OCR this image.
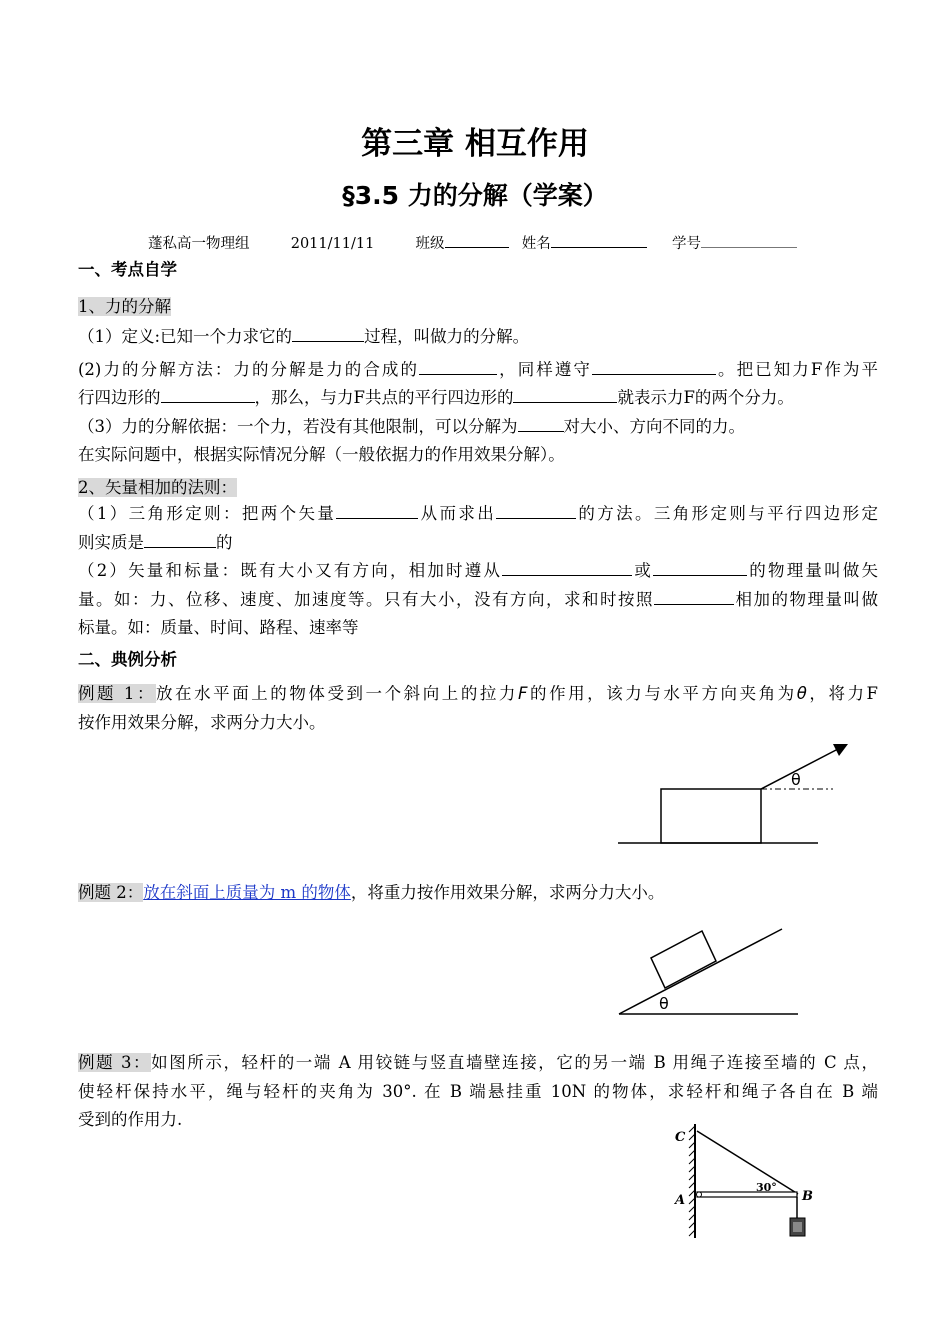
第三章 相互作用
§3.5 力的分解（学案）
蓬私高一物理组	2011/11/11	班级	姓名	学号
一、考点自学
1、力的分解
（1）定义:已知一个力求它的	过程，叫做力的分解。
(2)力的分解方法：力的分解是力的合成的	，同样遵守	。把已知力F作为平
行四边形的	，那么，与力F共点的平行四边形的	就表示力F的两个分力。
（3）力的分解依据：一个力，若没有其他限制，可以分解为	对大小、方向不同的力。
在实际问题中，根据实际情况分解（一般依据力的作用效果分解）。
2、矢量相加的法则：
（1）三角形定则：把两个矢量	从而求出	的方法。三角形定则与平行四边形定
则实质是	的
（2）矢量和标量：既有大小又有方向，相加时遵从	或	的物理量叫做矢
量。如：力、位移、速度、加速度等。只有大小，没有方向，求和时按照	相加的物理量叫做
标量。如：质量、时间、路程、速率等
二、典例分析
例题 1：放在水平面上的物体受到一个斜向上的拉力F的作用，该力与水平方向夹角为θ，将力F
按作用效果分解，求两分力大小。
θ
例题 2：放在斜面上质量为 m 的物体，将重力按作用效果分解，求两分力大小。
θ
例题 3：如图所示，轻杆的一端 A 用铰链与竖直墙壁连接，它的另一端 B 用绳子连接至墙的 C 点，
使轻杆保持水平，绳与轻杆的夹角为 30°. 在 B 端悬挂重 10N 的物体，求轻杆和绳子各自在 B 端
受到的作用力.
C
A	B
30°
